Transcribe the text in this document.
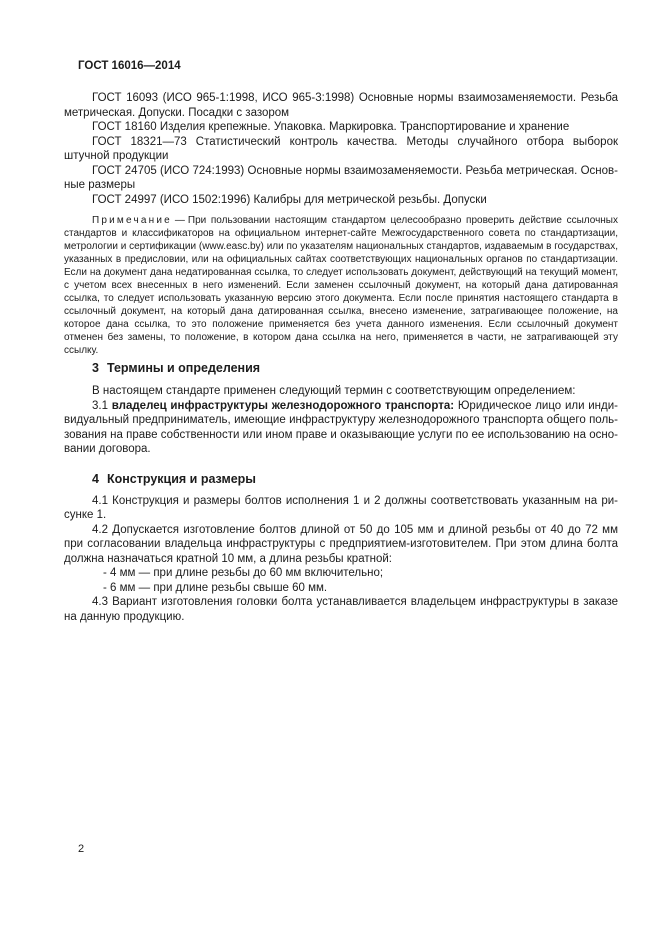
ГОСТ 16016—2014

ГОСТ 16093 (ИСО 965-1:1998, ИСО 965-3:1998) Основные нормы взаимозаменяемости. Резьба метрическая. Допуски. Посадки с зазором

ГОСТ 18160 Изделия крепежные. Упаковка. Маркировка. Транспортирование и хранение

ГОСТ 18321—73 Статистический контроль качества. Методы случайного отбора выборок штучной продукции

ГОСТ 24705 (ИСО 724:1993) Основные нормы взаимозаменяемости. Резьба метрическая. Основные размеры

ГОСТ 24997 (ИСО 1502:1996) Калибры для метрической резьбы. Допуски

Примечание — При пользовании настоящим стандартом целесообразно проверить действие ссылочных стандартов и классификаторов на официальном интернет-сайте Межгосударственного совета по стандартизации, метрологии и сертификации (www.easc.by) или по указателям национальных стандартов, издаваемым в государствах, указанных в предисловии, или на официальных сайтах соответствующих национальных органов по стандартизации. Если на документ дана недатированная ссылка, то следует использовать документ, действующий на текущий момент, с учетом всех внесенных в него изменений. Если заменен ссылочный документ, на который дана датированная ссылка, то следует использовать указанную версию этого документа. Если после принятия настоящего стандарта в ссылочный документ, на который дана датированная ссылка, внесено изменение, затрагивающее положение, на которое дана ссылка, то это положение применяется без учета данного изменения. Если ссылочный документ отменен без замены, то положение, в котором дана ссылка на него, применяется в части, не затрагивающей эту ссылку.

3 Термины и определения

В настоящем стандарте применен следующий термин с соответствующим определением:

3.1 владелец инфраструктуры железнодорожного транспорта: Юридическое лицо или индивидуальный предприниматель, имеющие инфраструктуру железнодорожного транспорта общего пользования на праве собственности или ином праве и оказывающие услуги по ее использованию на основании договора.

4 Конструкция и размеры

4.1 Конструкция и размеры болтов исполнения 1 и 2 должны соответствовать указанным на рисунке 1.

4.2 Допускается изготовление болтов длиной от 50 до 105 мм и длиной резьбы от 40 до 72 мм при согласовании владельца инфраструктуры с предприятием-изготовителем. При этом длина болта должна назначаться кратной 10 мм, а длина резьбы кратной:

- 4 мм — при длине резьбы до 60 мм включительно;

- 6 мм — при длине резьбы свыше 60 мм.

4.3 Вариант изготовления головки болта устанавливается владельцем инфраструктуры в заказе на данную продукцию.

2
